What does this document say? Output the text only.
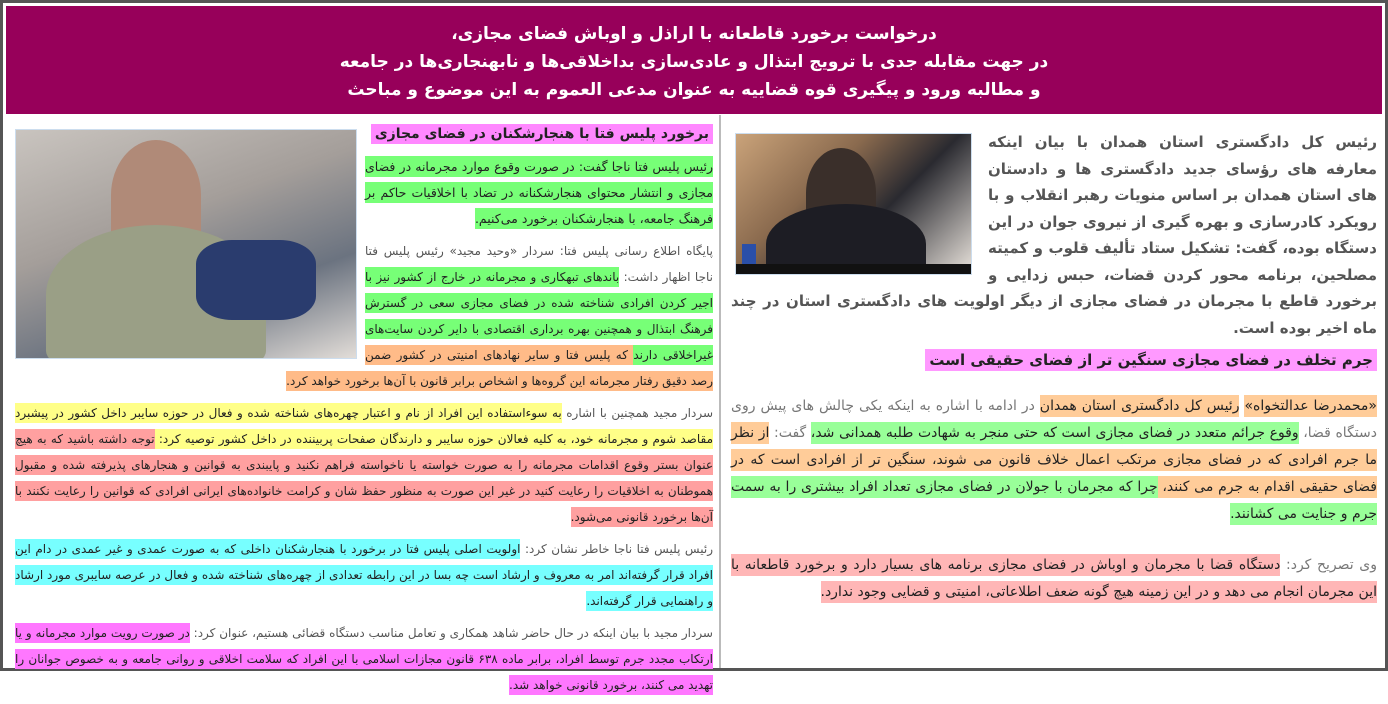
درخواست برخورد قاطعانه با اراذل و اوباش فضای مجازی،
در جهت مقابله جدی با ترویج ابتذال و عادی‌سازی بداخلاقی‌ها و نابهنجاری‌ها در جامعه
و مطالبه ورود و پیگیری قوه قضاییه به عنوان مدعی العموم به این موضوع و مباحث
رئیس کل دادگستری استان همدان با بیان اینکه معارفه های رؤسای جدید دادگستری ها و دادستان های استان همدان بر اساس منویات رهبر انقلاب و با رویکرد کادرسازی و بهره گیری از نیروی جوان در این دستگاه بوده، گفت: تشکیل ستاد تألیف قلوب و کمیته مصلحین، برنامه محور کردن قضات، حبس زدایی و برخورد قاطع با مجرمان در فضای مجازی از دیگر اولویت های دادگستری استان در چند ماه اخیر بوده است.
جرم تخلف در فضای مجازی سنگین تر از فضای حقیقی است

«محمدرضا عدالتخواه» رئیس کل دادگستری استان همدان در ادامه با اشاره به اینکه یکی چالش های پیش روی دستگاه قضا، وقوع جرائم متعدد در فضای مجازی است که حتی منجر به شهادت طلبه همدانی شد، گفت: از نظر ما جرم افرادی که در فضای مجازی مرتکب اعمال خلاف قانون می شوند، سنگین تر از افرادی است که در فضای حقیقی اقدام به جرم می کنند، چرا که مجرمان با جولان در فضای مجازی تعداد افراد بیشتری را به سمت جرم و جنایت می کشانند.

وی تصریح کرد: دستگاه قضا با مجرمان و اوباش در فضای مجازی برنامه های بسیار دارد و برخورد قاطعانه با این مجرمان انجام می دهد و در این زمینه هیچ گونه ضعف اطلاعاتی، امنیتی و قضایی وجود ندارد.

برخورد پلیس فتا با هنجارشکنان در فضای مجازی

رئیس پلیس فتا ناجا گفت: در صورت وقوع موارد مجرمانه در فضای مجازی و انتشار محتوای هنجارشکنانه در تضاد با اخلاقیات حاکم بر فرهنگ جامعه، با هنجارشکنان برخورد می‌کنیم.

پایگاه اطلاع رسانی پلیس فتا: سردار «وحید مجید» رئیس پلیس فتا ناجا اظهار داشت: باندهای تبهکاری و مجرمانه در خارج از کشور نیز با اجیر کردن افرادی شناخته شده در فضای مجازی سعی در گسترش فرهنگ ابتذال و همچنین بهره برداری اقتصادی با دایر کردن سایت‌های غیراخلاقی دارند که پلیس فتا و سایر نهادهای امنیتی در کشور ضمن رصد دقیق رفتار مجرمانه این گروه‌ها و اشخاص برابر قانون با آن‌ها برخورد خواهد کرد.

سردار مجید همچنین با اشاره به سوءاستفاده این افراد از نام و اعتبار چهره‌های شناخته شده و فعال در حوزه سایبر داخل کشور در پیشبرد مقاصد شوم و مجرمانه خود، به کلیه فعالان حوزه سایبر و دارندگان صفحات پربیننده در داخل کشور توصیه کرد: توجه داشته باشید که به هیچ عنوان بستر وقوع اقدامات مجرمانه را به صورت خواسته یا ناخواسته فراهم نکنید و پایبندی به قوانین و هنجارهای پذیرفته شده و مقبول هموطنان به اخلاقیات را رعایت کنید در غیر این صورت به منظور حفظ شان و کرامت خانواده‌های ایرانی افرادی که قوانین را رعایت نکنند با آن‌ها برخورد قانونی می‌شود.

رئیس پلیس فتا ناجا خاطر نشان کرد: اولویت اصلی پلیس فتا در برخورد با هنجارشکنان داخلی که به صورت عمدی و غیر عمدی در دام این افراد قرار گرفته‌اند امر به معروف و ارشاد است چه بسا در این رابطه تعدادی از چهره‌های شناخته شده و فعال در عرصه سایبری مورد ارشاد و راهنمایی قرار گرفته‌اند.

سردار مجید با بیان اینکه در حال حاضر شاهد همکاری و تعامل مناسب دستگاه قضائی هستیم، عنوان کرد: در صورت رویت موارد مجرمانه و یا ارتکاب مجدد جرم توسط افراد، برابر ماده ۶۳۸ قانون مجازات اسلامی با این افراد که سلامت اخلاقی و روانی جامعه و به خصوص جوانان را تهدید می کنند، برخورد قانونی خواهد شد.
